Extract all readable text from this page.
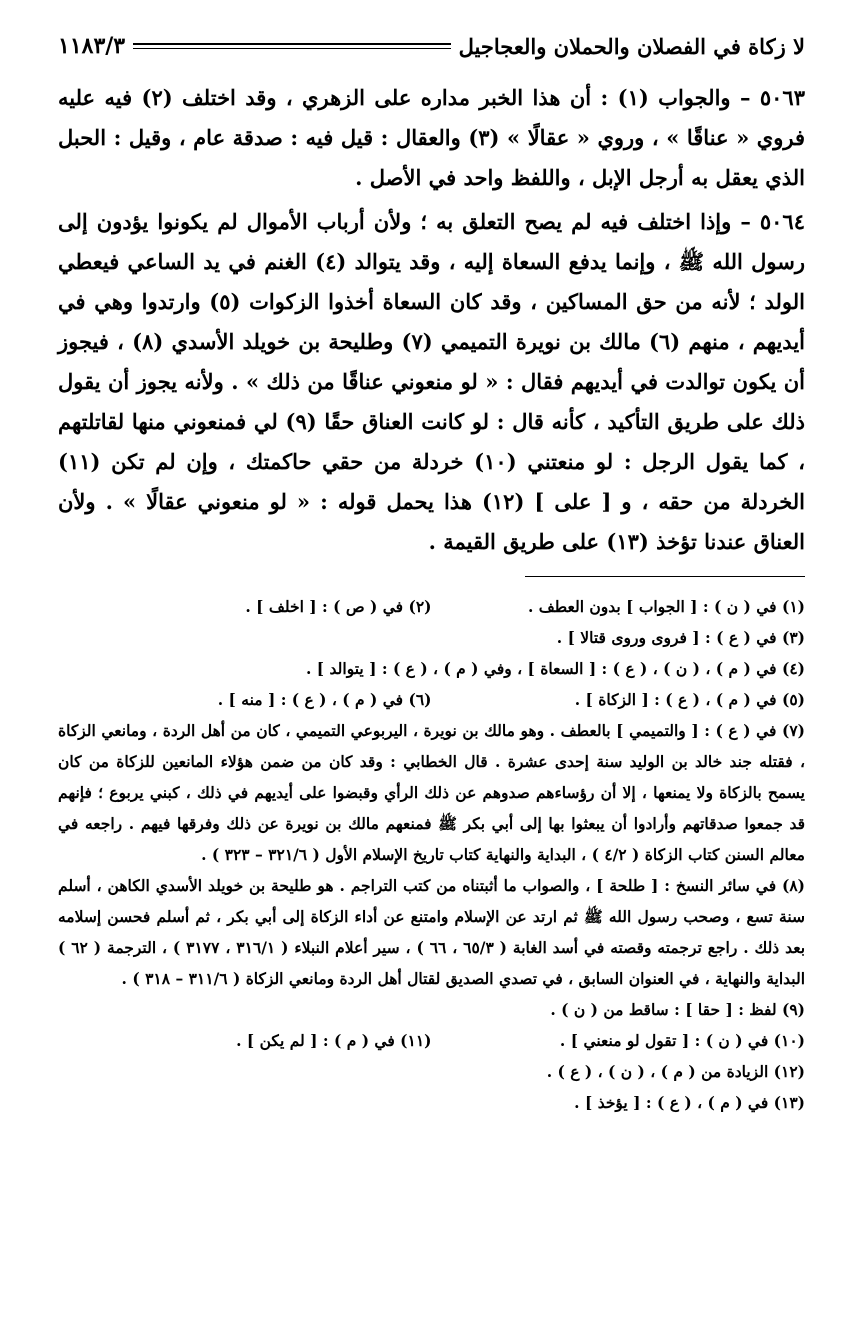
لا زكاة في الفصلان والحملان والعجاجيل
١١٨٣/٣

٥٠٦٣ – والجواب (١) : أن هذا الخبر مداره على الزهري ، وقد اختلف (٢) فيه عليه فروي « عناقًا » ، وروي « عقالًا » (٣) والعقال : قيل فيه : صدقة عام ، وقيل : الحبل الذي يعقل به أرجل الإبل ، واللفظ واحد في الأصل .

٥٠٦٤ – وإذا اختلف فيه لم يصح التعلق به ؛ ولأن أرباب الأموال لم يكونوا يؤدون إلى رسول الله ﷺ ، وإنما يدفع السعاة إليه ، وقد يتوالد (٤) الغنم في يد الساعي فيعطي الولد ؛ لأنه من حق المساكين ، وقد كان السعاة أخذوا الزكوات (٥) وارتدوا وهي في أيديهم ، منهم (٦) مالك بن نويرة التميمي (٧) وطليحة بن خويلد الأسدي (٨) ، فيجوز أن يكون توالدت في أيديهم فقال : « لو منعوني عناقًا من ذلك » . ولأنه يجوز أن يقول ذلك على طريق التأكيد ، كأنه قال : لو كانت العناق حقًا (٩) لي فمنعوني منها لقاتلتهم ، كما يقول الرجل : لو منعتني (١٠) خردلة من حقي حاكمتك ، وإن لم تكن (١١) الخردلة من حقه ، و [ على ] (١٢) هذا يحمل قوله : « لو منعوني عقالًا » . ولأن العناق عندنا تؤخذ (١٣) على طريق القيمة .

(١) في ( ن ) : [ الجواب ] بدون العطف .

(٢) في ( ص ) : [ اخلف ] .

(٣) في ( ع ) : [ فروى وروى قتالا ] .

(٤) في ( م ) ، ( ن ) ، ( ع ) : [ السعاة ] ، وفي ( م ) ، ( ع ) : [ يتوالد ] .

(٥) في ( م ) ، ( ع ) : [ الزكاة ] .

(٦) في ( م ) ، ( ع ) : [ منه ] .

(٧) في ( ع ) : [ والتميمي ] بالعطف . وهو مالك بن نويرة ، اليربوعي التميمي ، كان من أهل الردة ، ومانعي الزكاة ، فقتله جند خالد بن الوليد سنة إحدى عشرة . قال الخطابي : وقد كان من ضمن هؤلاء المانعين للزكاة من كان يسمح بالزكاة ولا يمنعها ، إلا أن رؤساءهم صدوهم عن ذلك الرأي وقبضوا على أيديهم في ذلك ، كبني يربوع ؛ فإنهم قد جمعوا صدقاتهم وأرادوا أن يبعثوا بها إلى أبي بكر ﷺ فمنعهم مالك بن نويرة عن ذلك وفرقها فيهم . راجعه في معالم السنن كتاب الزكاة ( ٤/٢ ) ، البداية والنهاية كتاب تاريخ الإسلام الأول ( ٣٢١/٦ – ٣٢٣ ) .

(٨) في سائر النسخ : [ طلحة ] ، والصواب ما أثبتناه من كتب التراجم . هو طليحة بن خويلد الأسدي الكاهن ، أسلم سنة تسع ، وصحب رسول الله ﷺ ثم ارتد عن الإسلام وامتنع عن أداء الزكاة إلى أبي بكر ، ثم أسلم فحسن إسلامه بعد ذلك . راجع ترجمته وقصته في أسد الغابة ( ٦٥/٣ ، ٦٦ ) ، سير أعلام النبلاء ( ٣١٦/١ ، ٣١٧٧ ) ، الترجمة ( ٦٢ ) البداية والنهاية ، في العنوان السابق ، في تصدي الصديق لقتال أهل الردة ومانعي الزكاة ( ٣١١/٦ – ٣١٨ ) .

(٩) لفظ : [ حقا ] : ساقط من ( ن ) .

(١٠) في ( ن ) : [ تقول لو منعني ] .

(١١) في ( م ) : [ لم يكن ] .

(١٢) الزيادة من ( م ) ، ( ن ) ، ( ع ) .

(١٣) في ( م ) ، ( ع ) : [ يؤخذ ] .
